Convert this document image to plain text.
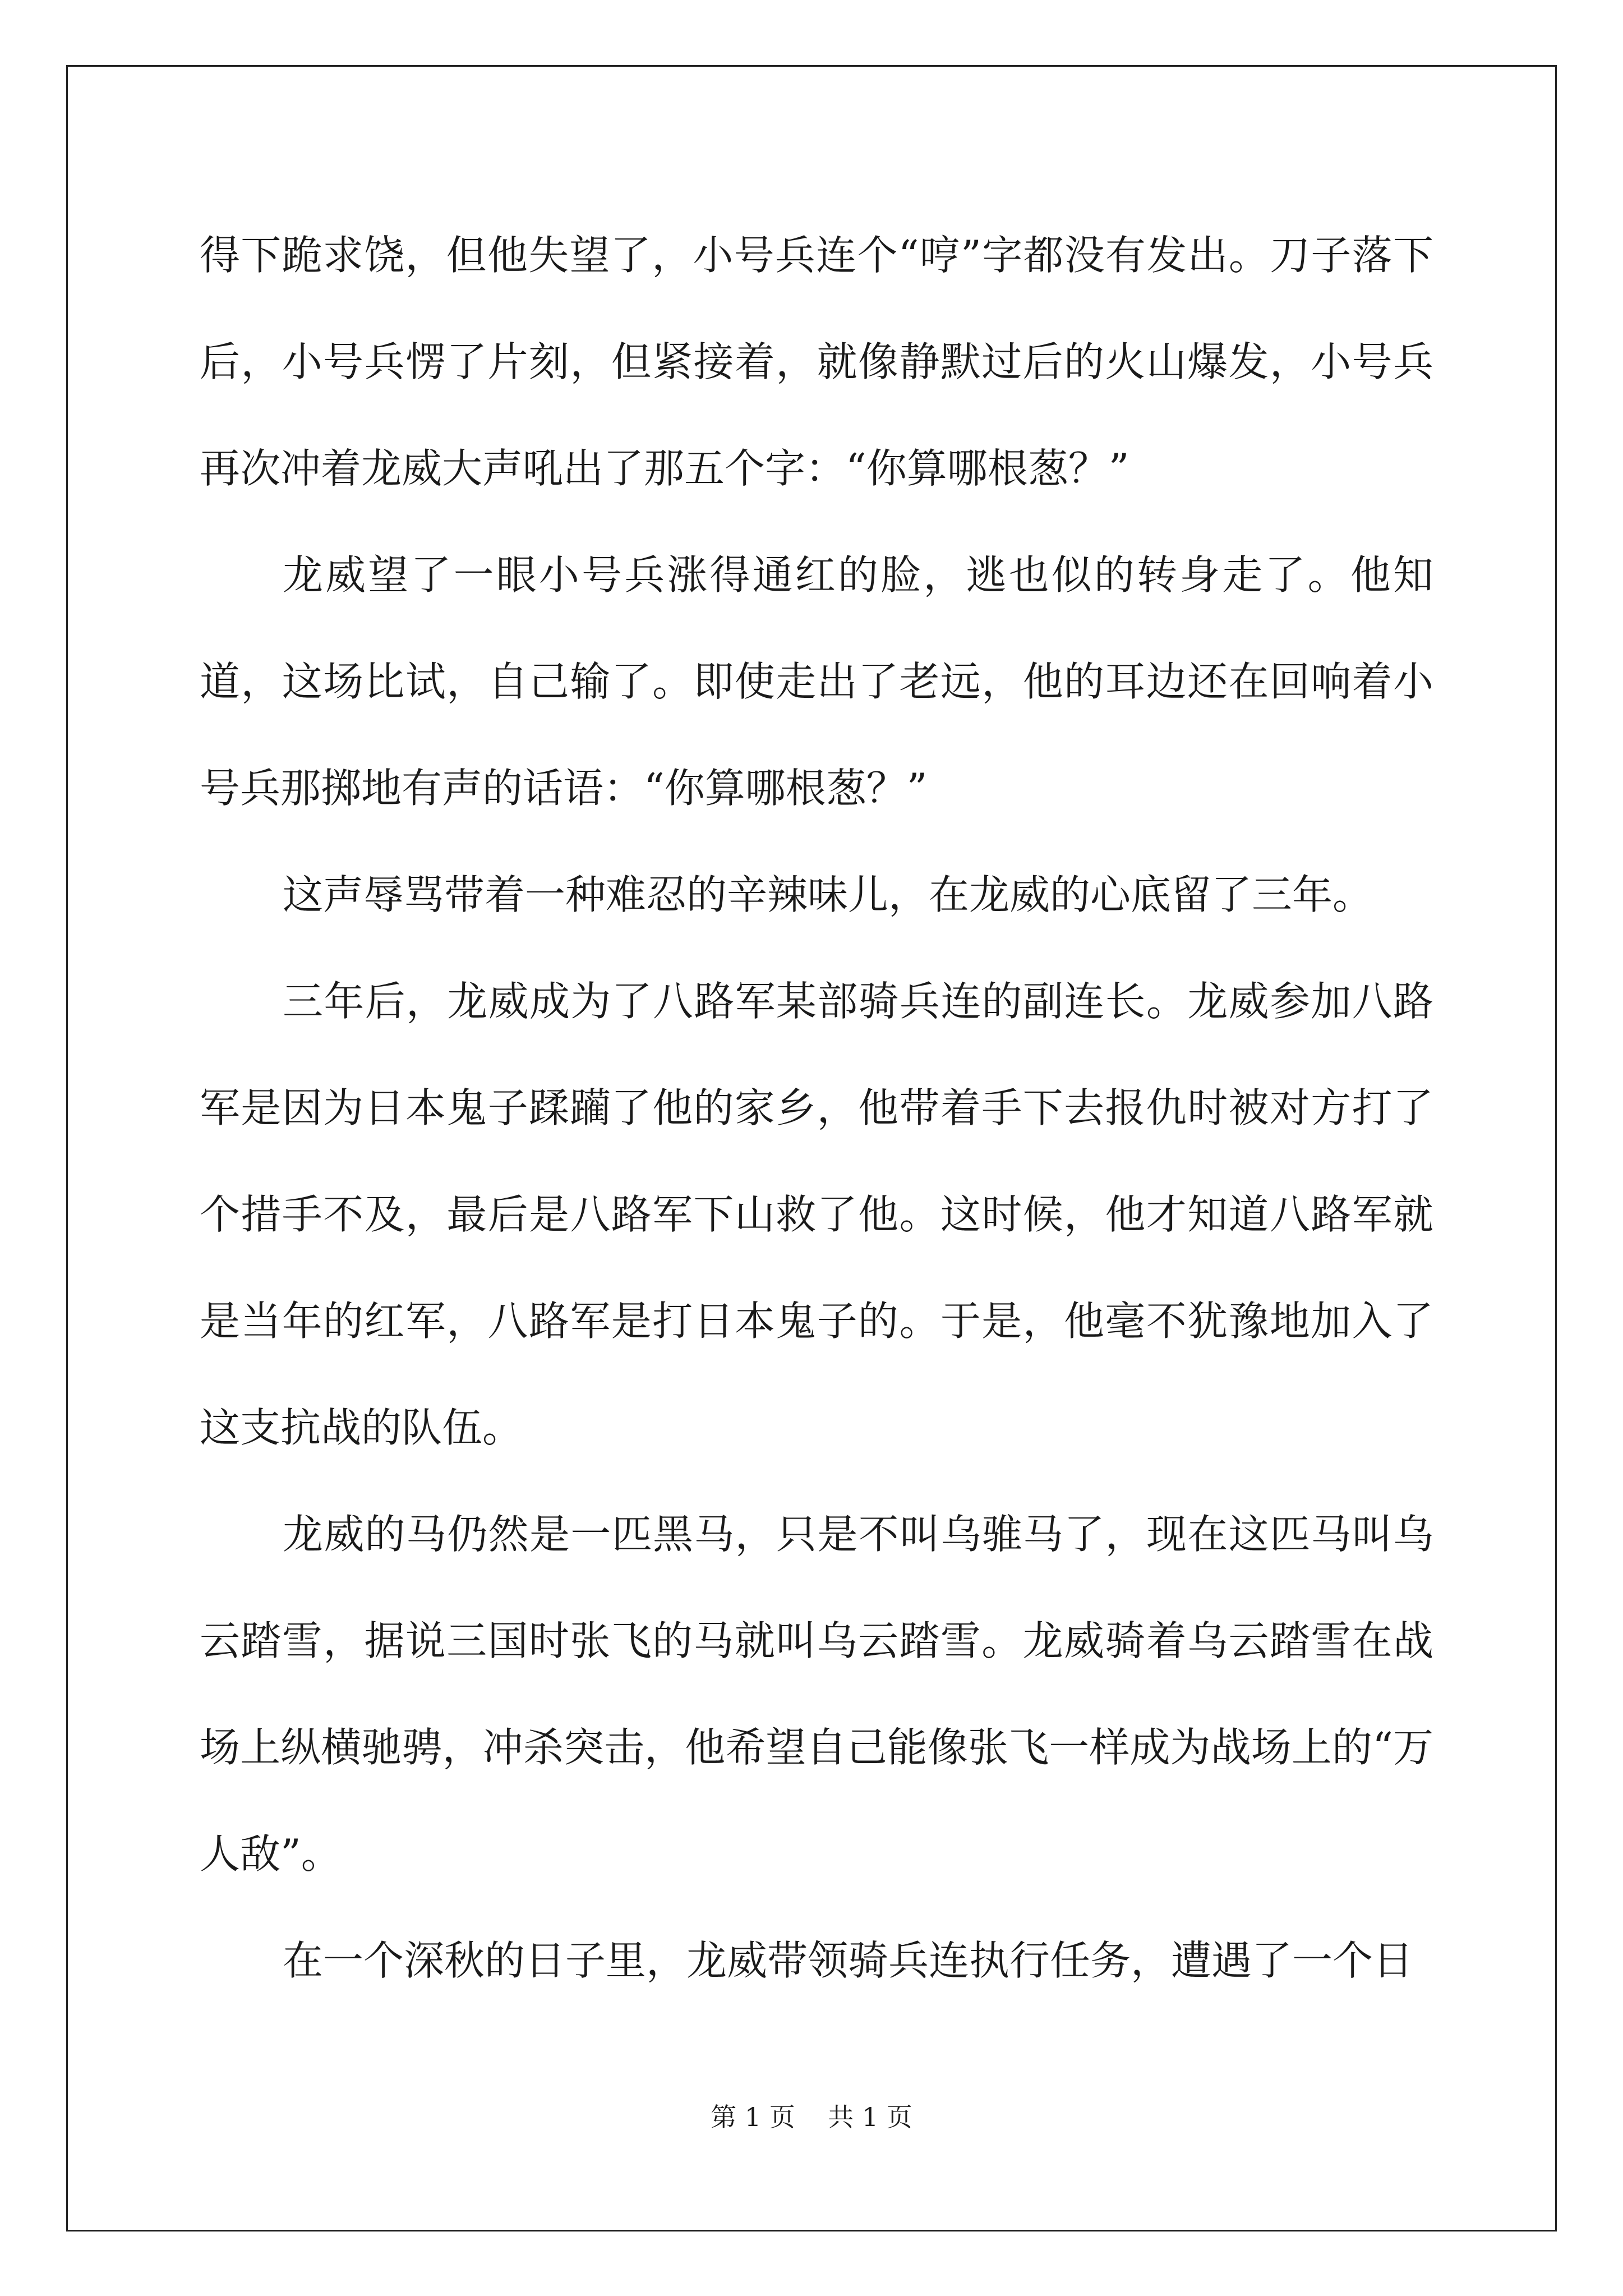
得下跪求饶，但他失望了，小号兵连个“哼”字都没有发出。刀子落下后，小号兵愣了片刻，但紧接着，就像静默过后的火山爆发，小号兵再次冲着龙威大声吼出了那五个字：“你算哪根葱？”

龙威望了一眼小号兵涨得通红的脸，逃也似的转身走了。他知道，这场比试，自己输了。即使走出了老远，他的耳边还在回响着小号兵那掷地有声的话语：“你算哪根葱？”

这声辱骂带着一种难忍的辛辣味儿，在龙威的心底留了三年。

三年后，龙威成为了八路军某部骑兵连的副连长。龙威参加八路军是因为日本鬼子蹂躏了他的家乡，他带着手下去报仇时被对方打了个措手不及，最后是八路军下山救了他。这时候，他才知道八路军就是当年的红军，八路军是打日本鬼子的。于是，他毫不犹豫地加入了这支抗战的队伍。

龙威的马仍然是一匹黑马，只是不叫乌骓马了，现在这匹马叫乌云踏雪，据说三国时张飞的马就叫乌云踏雪。龙威骑着乌云踏雪在战场上纵横驰骋，冲杀突击，他希望自己能像张飞一样成为战场上的“万人敌”。

在一个深秋的日子里，龙威带领骑兵连执行任务，遭遇了一个日

第 1 页    共 1 页
